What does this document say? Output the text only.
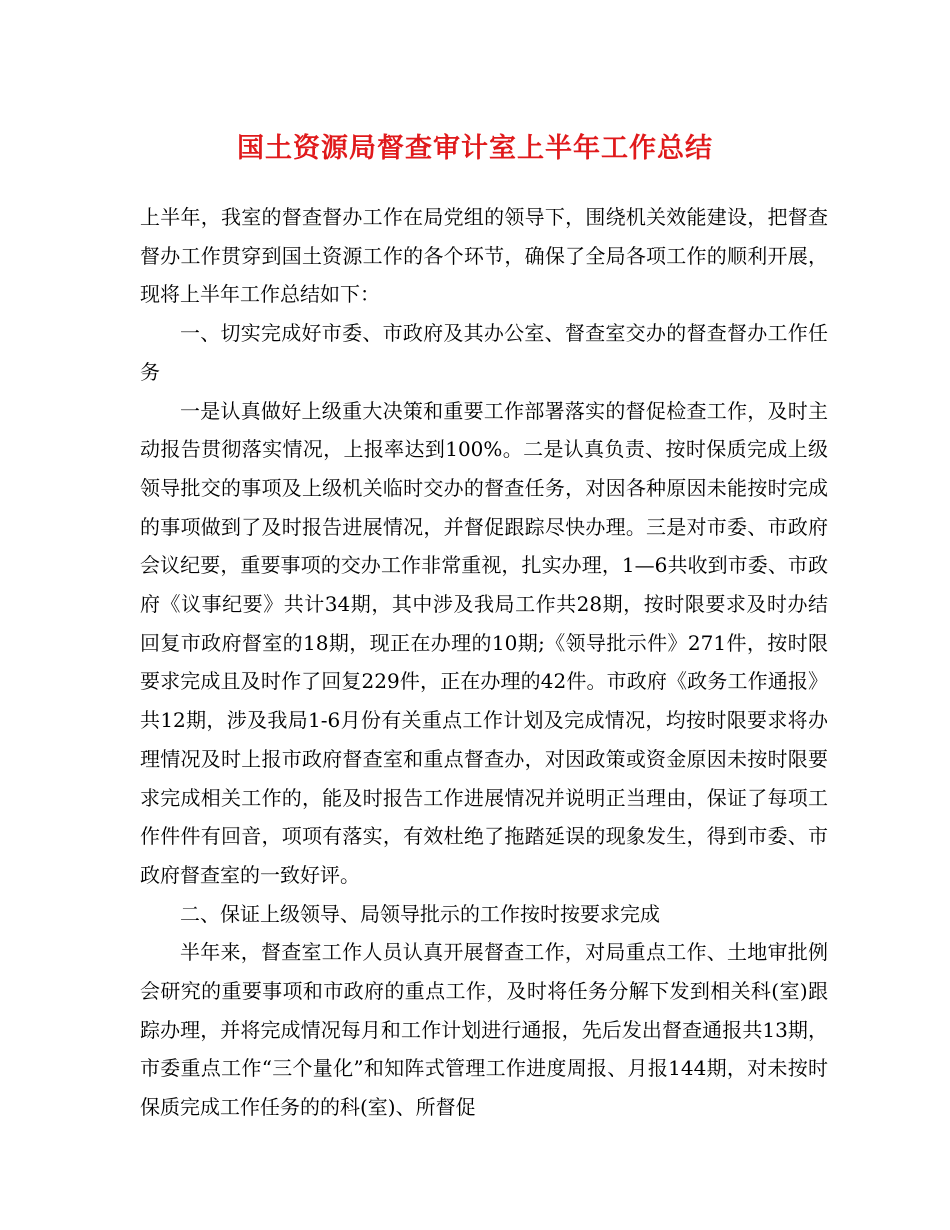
国土资源局督查审计室上半年工作总结

上半年，我室的督查督办工作在局党组的领导下，围绕机关效能建设，把督查督办工作贯穿到国土资源工作的各个环节，确保了全局各项工作的顺利开展，现将上半年工作总结如下：

一、切实完成好市委、市政府及其办公室、督查室交办的督查督办工作任务

一是认真做好上级重大决策和重要工作部署落实的督促检查工作，及时主动报告贯彻落实情况，上报率达到100%。二是认真负责、按时保质完成上级领导批交的事项及上级机关临时交办的督查任务，对因各种原因未能按时完成的事项做到了及时报告进展情况，并督促跟踪尽快办理。三是对市委、市政府会议纪要，重要事项的交办工作非常重视，扎实办理，1—6共收到市委、市政府《议事纪要》共计34期，其中涉及我局工作共28期，按时限要求及时办结回复市政府督室的18期，现正在办理的10期;《领导批示件》271件，按时限要求完成且及时作了回复229件，正在办理的42件。市政府《政务工作通报》共12期，涉及我局1-6月份有关重点工作计划及完成情况，均按时限要求将办理情况及时上报市政府督查室和重点督查办，对因政策或资金原因未按时限要求完成相关工作的，能及时报告工作进展情况并说明正当理由，保证了每项工作件件有回音，项项有落实，有效杜绝了拖踏延误的现象发生，得到市委、市政府督查室的一致好评。

二、保证上级领导、局领导批示的工作按时按要求完成

半年来，督查室工作人员认真开展督查工作，对局重点工作、土地审批例会研究的重要事项和市政府的重点工作，及时将任务分解下发到相关科(室)跟踪办理，并将完成情况每月和工作计划进行通报，先后发出督查通报共13期，市委重点工作“三个量化”和知阵式管理工作进度周报、月报144期，对未按时保质完成工作任务的的科(室)、所督促
